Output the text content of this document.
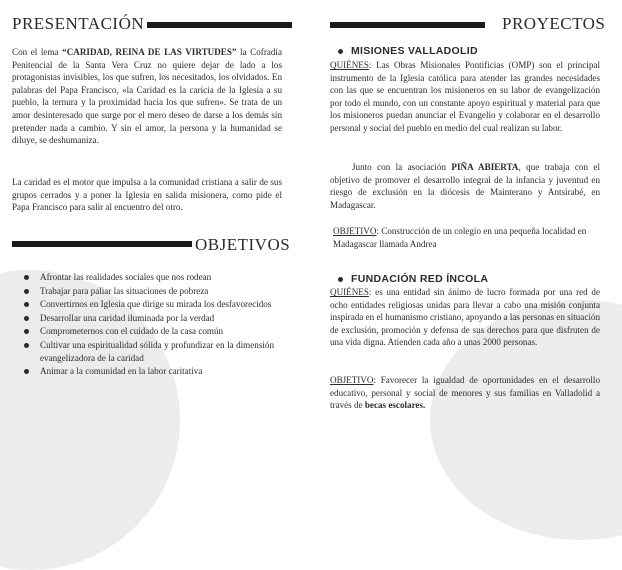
PRESENTACIÓN

Con el lema “CARIDAD, REINA DE LAS VIRTUDES” la Cofradía Penitencial de la Santa Vera Cruz no quiere dejar de lado a los protagonistas invisibles, los que sufren, los necesitados, los olvidados. En palabras del Papa Francisco, «la Caridad es la caricia de la Iglesia a su pueblo, la ternura y la proximidad hacia los que sufren». Se trata de un amor desinteresado que surge por el mero deseo de darse a los demás sin pretender nada a cambio. Y sin el amor, la persona y la humanidad se diluye, se deshumaniza.

La caridad es el motor que impulsa a la comunidad cristiana a salir de sus grupos cerrados y a poner la Iglesia en salida misionera, como pide el Papa Francisco para salir al encuentro del otro.

OBJETIVOS
Afrontar las realidades sociales que nos rodean
Trabajar para paliar las situaciones de pobreza
Convertirnos en Iglesia que dirige su mirada los desfavorecidos
Desarrollar una caridad iluminada por la verdad
Comprometernos con el cuidado de la casa común
Cultivar una espiritualidad sólida y profundizar en la dimensión evangelizadora de la caridad
Animar a la comunidad en la labor caritativa
PROYECTOS
MISIONES VALLADOLID

QUIÉNES: Las Obras Misionales Pontificias (OMP) son el principal instrumento de la Iglesia católica para atender las grandes necesidades con las que se encuentran los misioneros en su labor de evangelización por todo el mundo, con un constante apoyo espiritual y material para que los misioneros puedan anunciar el Evangelio y colaborar en el desarrollo personal y social del pueblo en medio del cual realizan su labor.

Junto con la asociación PIÑA ABIERTA, que trabaja con el objetivo de promover el desarrollo integral de la infancia y juventud en riesgo de exclusión en la diócesis de Mainterano y Antsirabé, en Madagascar.

OBJETIVO: Construcción de un colegio en una pequeña localidad en Madagascar llamada Andrea

FUNDACIÓN RED ÍNCOLA

QUIÉNES: es una entidad sin ánimo de lucro formada por una red de ocho entidades religiosas unidas para llevar a cabo una misión conjunta inspirada en el humanismo cristiano, apoyando a las personas en situación de exclusión, promoción y defensa de sus derechos para que disfruten de una vida digna. Atienden cada año a unas 2000 personas.

OBJETIVO: Favorecer la igualdad de oportunidades en el desarrollo educativo, personal y social de menores y sus familias en Valladolid a través de becas escolares.
